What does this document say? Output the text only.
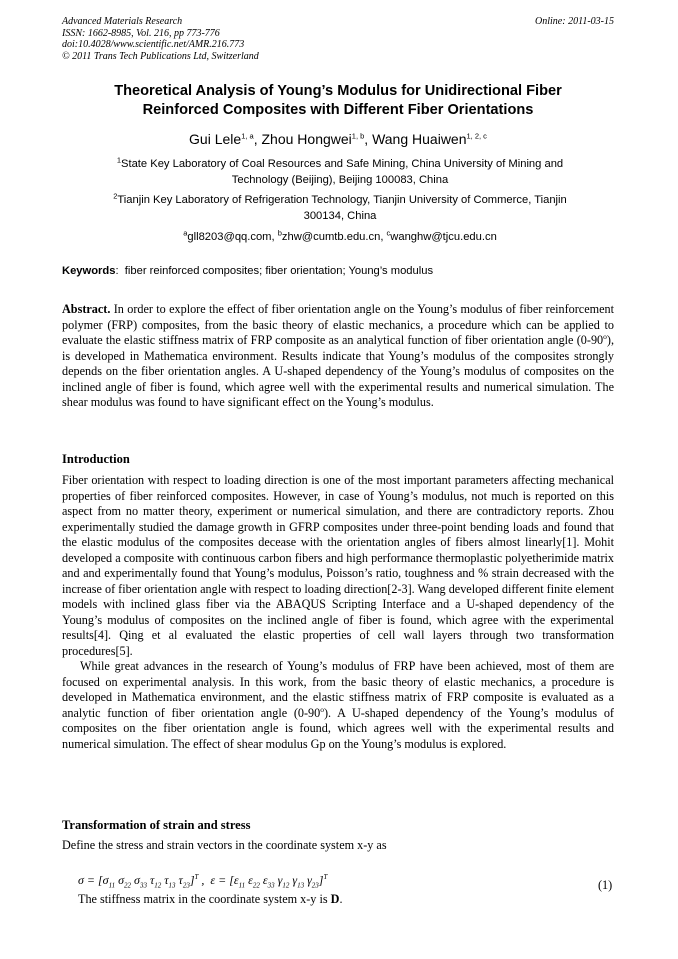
Advanced Materials Research
ISSN: 1662-8985, Vol. 216, pp 773-776
doi:10.4028/www.scientific.net/AMR.216.773
© 2011 Trans Tech Publications Ltd, Switzerland
Online: 2011-03-15
Theoretical Analysis of Young’s Modulus for Unidirectional Fiber
Reinforced Composites with Different Fiber Orientations
Gui Lele$^{1, a}$, Zhou Hongwei$^{1, b}$, Wang Huaiwen$^{1, 2, c}$
$^1$State Key Laboratory of Coal Resources and Safe Mining, China University of Mining and
Technology (Beijing), Beijing 100083, China
$^2$Tianjin Key Laboratory of Refrigeration Technology, Tianjin University of Commerce, Tianjin
300134, China
$^a$gll8203@qq.com, $^b$zhw@cumtb.edu.cn, $^c$wanghw@tjcu.edu.cn
Keywords:  fiber reinforced composites; fiber orientation; Young’s modulus
Abstract. In order to explore the effect of fiber orientation angle on the Young’s modulus of fiber reinforcement polymer (FRP) composites, from the basic theory of elastic mechanics, a procedure which can be applied to evaluate the elastic stiffness matrix of FRP composite as an analytical function of fiber orientation angle (0-90$^o$), is developed in Mathematica environment. Results indicate that Young’s modulus of the composites strongly depends on the fiber orientation angles. A U-shaped dependency of the Young’s modulus of composites on the inclined angle of fiber is found, which agree well with the experimental results and numerical simulation. The shear modulus was found to have significant effect on the Young’s modulus.
Introduction
Fiber orientation with respect to loading direction is one of the most important parameters affecting mechanical properties of fiber reinforced composites. However, in case of Young’s modulus, not much is reported on this aspect from no matter theory, experiment or numerical simulation, and there are contradictory reports. Zhou experimentally studied the damage growth in GFRP composites under three-point bending loads and found that the elastic modulus of the composites decease with the orientation angles of fibers almost linearly[1]. Mohit developed a composite with continuous carbon fibers and high performance thermoplastic polyetherimide matrix and and experimentally found that Young’s modulus, Poisson’s ratio, toughness and % strain decreased with the increase of fiber orientation angle with respect to loading direction[2-3]. Wang developed different finite element models with inclined glass fiber via the ABAQUS Scripting Interface and a U-shaped dependency of the Young’s modulus of composites on the inclined angle of fiber is found, which agree with the experimental results[4]. Qing et al evaluated the elastic properties of cell wall layers through two transformation procedures[5].
While great advances in the research of Young’s modulus of FRP have been achieved, most of them are focused on experimental analysis. In this work, from the basic theory of elastic mechanics, a procedure is developed in Mathematica environment, and the elastic stiffness matrix of FRP composite is evaluated as a analytic function of fiber orientation angle (0-90$^o$). A U-shaped dependency of the Young’s modulus of composites on the fiber orientation angle is found, which agrees well with the experimental results and numerical simulation. The effect of shear modulus Gp on the Young’s modulus is explored.
Transformation of strain and stress
Define the stress and strain vectors in the coordinate system x-y as
$\sigma = [\sigma_{11}$ $\sigma_{22}$ $\sigma_{33}$ $\tau_{12}$ $\tau_{13}$ $\tau_{23}]^T$ ,  $\varepsilon = [\varepsilon_{11}$ $\varepsilon_{22}$ $\varepsilon_{33}$ $\gamma_{12}$ $\gamma_{13}$ $\gamma_{23}]^T$
(1)
The stiffness matrix in the coordinate system x-y is D.
